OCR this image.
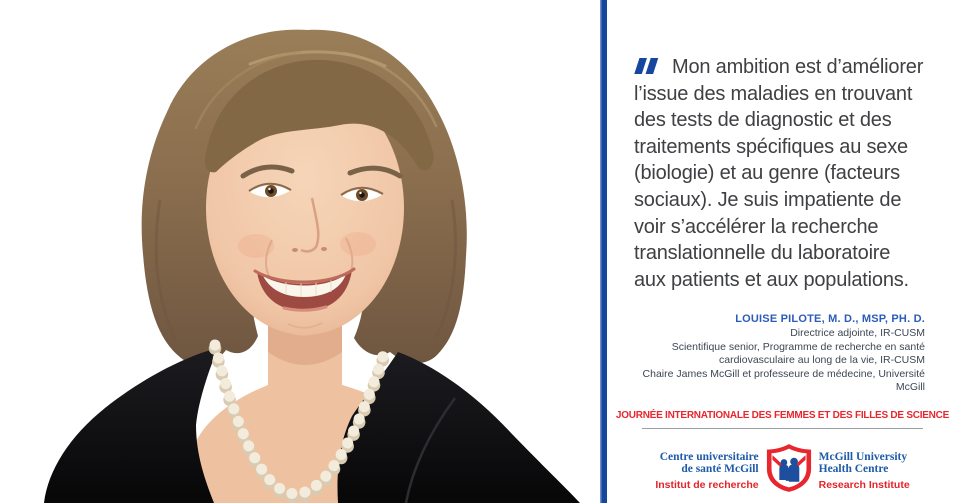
Mon ambition est d’améliorer l’issue des maladies en trouvant des tests de diagnostic et des traitements spécifiques au sexe (biologie) et au genre (facteurs sociaux). Je suis impatiente de voir s’accélérer la recherche translationnelle du laboratoire aux patients et aux populations.
LOUISE PILOTE, M. D., MSP, PH. D.
Directrice adjointe, IR-CUSM
Scientifique senior, Programme de recherche en santé cardiovasculaire au long de la vie, IR-CUSM
Chaire James McGill et professeure de médecine, Université McGill
JOURNÉE INTERNATIONALE DES FEMMES ET DES FILLES DE SCIENCE
Centre universitaire
de santé McGill
Institut de recherche
McGill University
Health Centre
Research Institute
